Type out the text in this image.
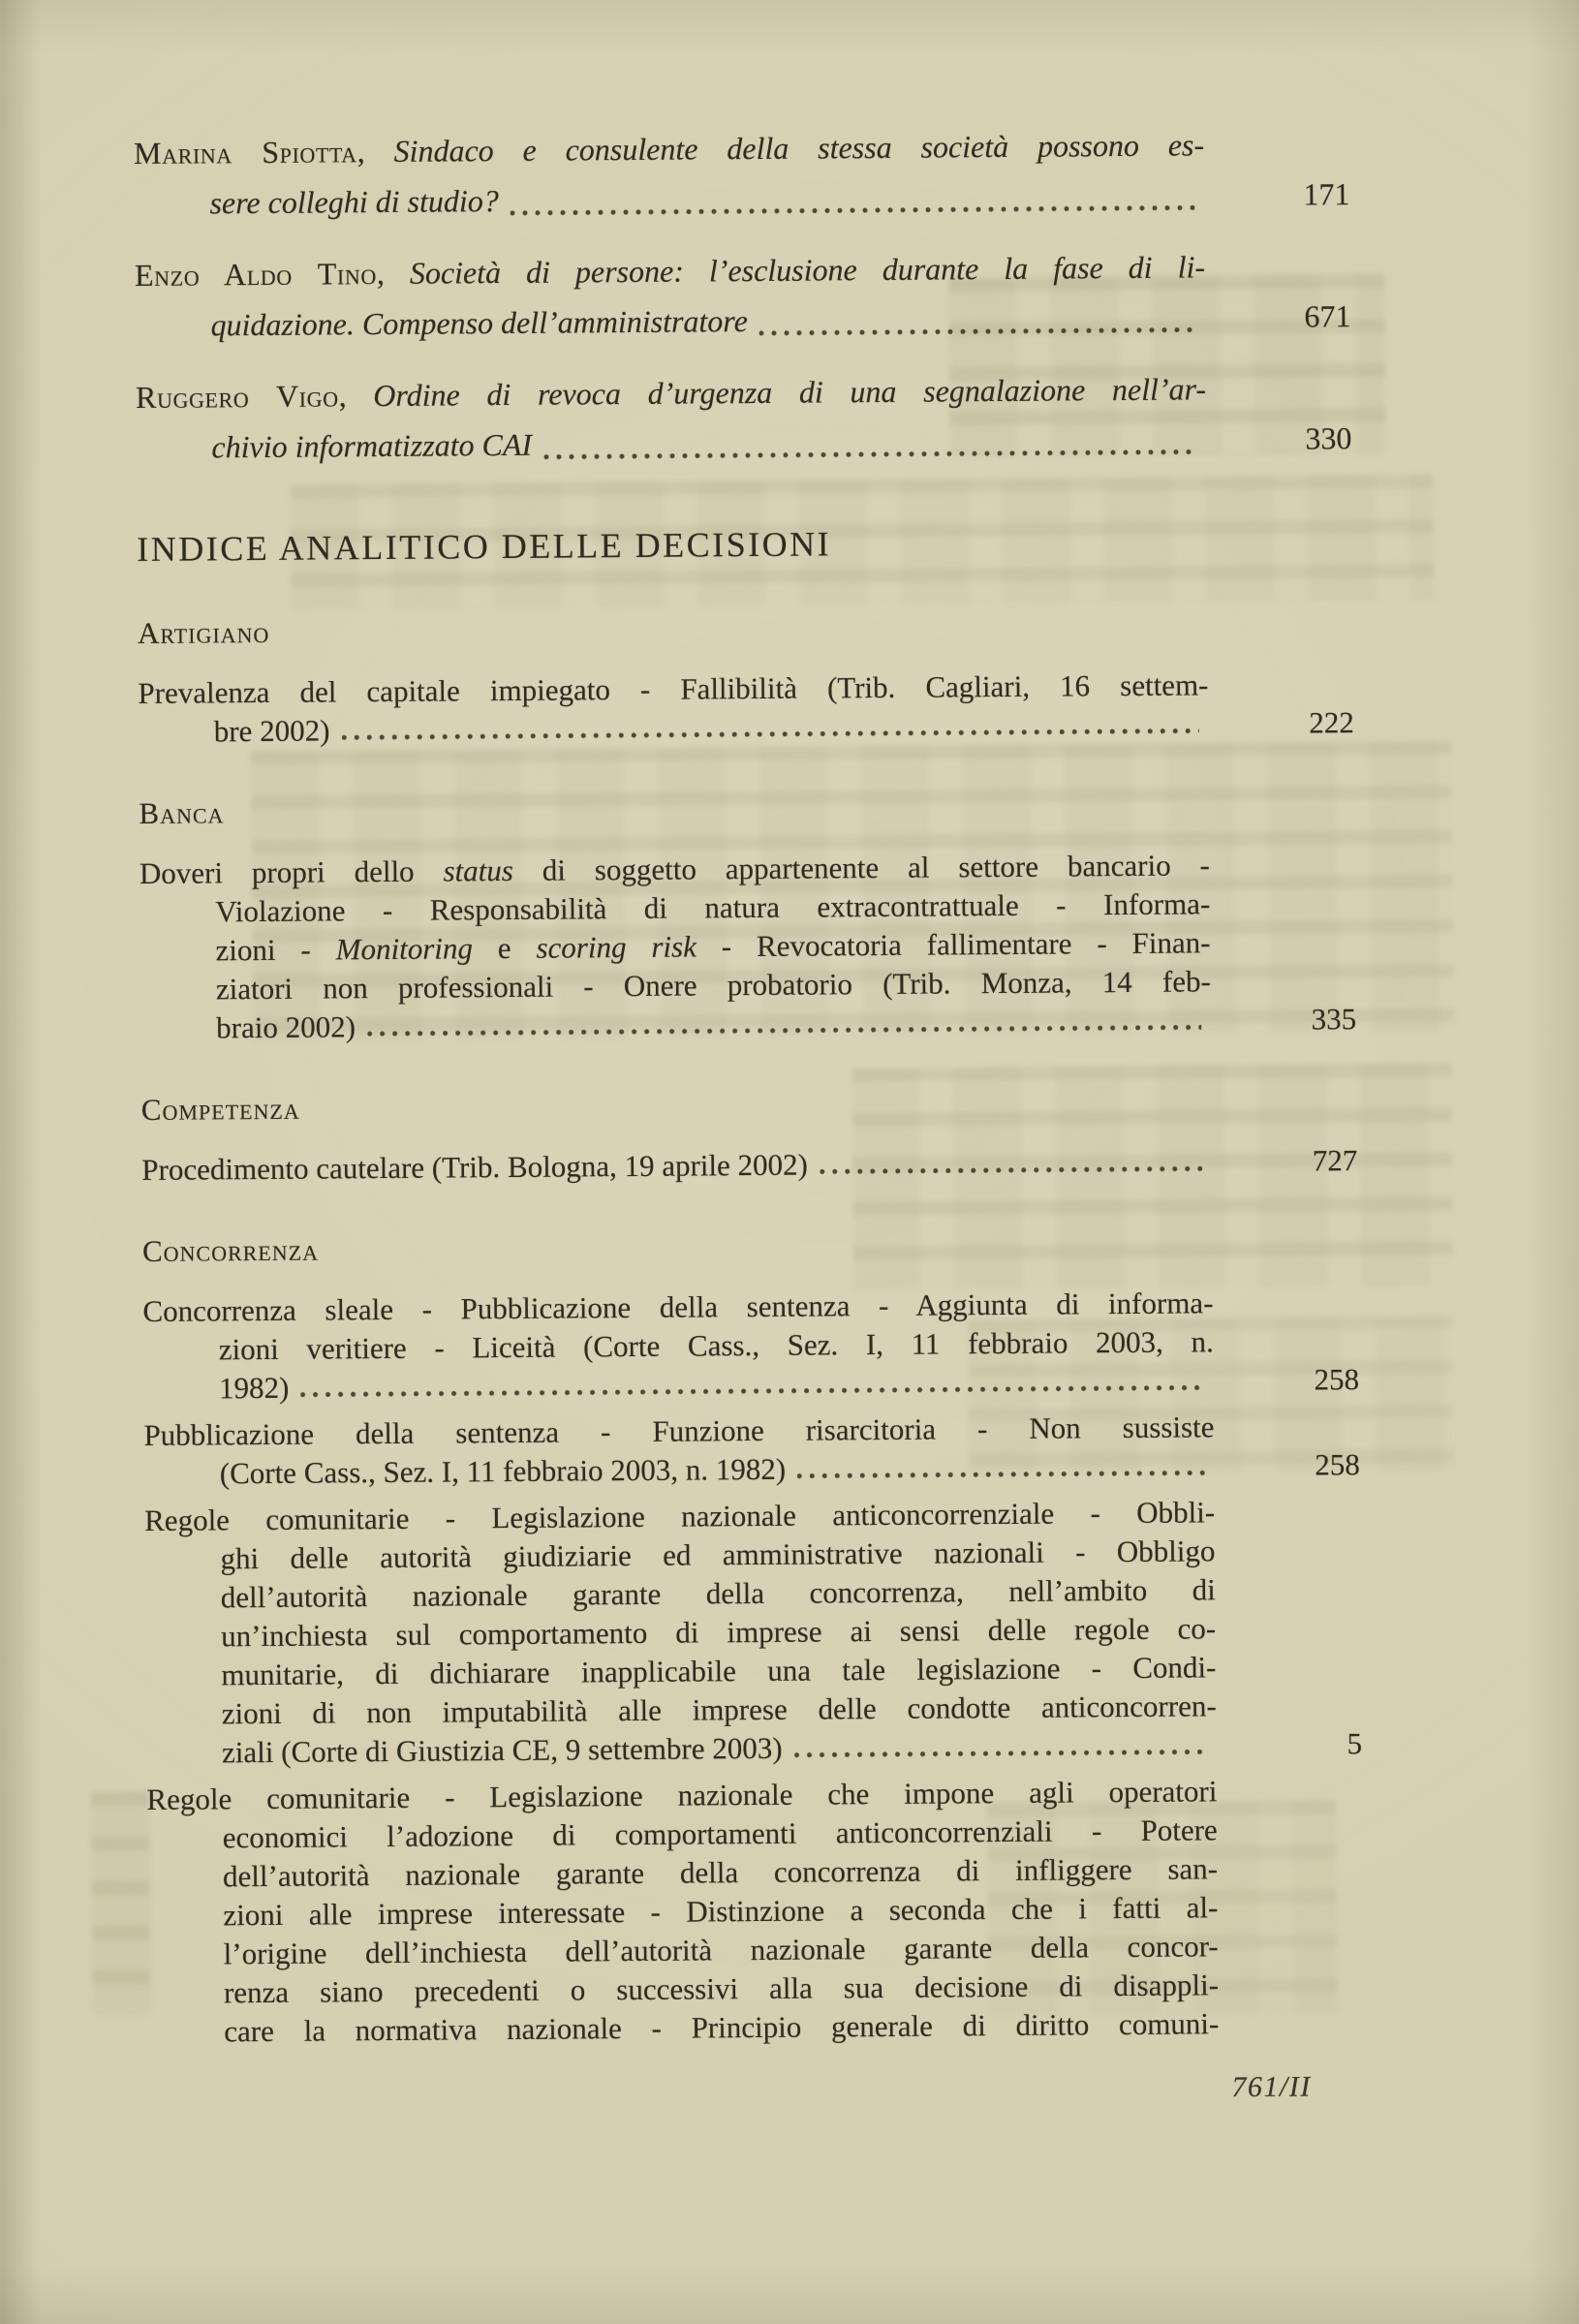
Marina Spiotta, Sindaco e consulente della stessa società possono es-
sere colleghi di studio?	171
Enzo Aldo Tino, Società di persone: l’esclusione durante la fase di li-
quidazione. Compenso dell’amministratore	671
Ruggero Vigo, Ordine di revoca d’urgenza di una segnalazione nell’ar-
chivio informatizzato CAI	330
INDICE ANALITICO DELLE DECISIONI
Artigiano
Prevalenza del capitale impiegato - Fallibilità (Trib. Cagliari, 16 settem-
bre 2002)	222
Banca
Doveri propri dello status di soggetto appartenente al settore bancario -
Violazione - Responsabilità di natura extracontrattuale - Informa-
zioni - Monitoring e scoring risk - Revocatoria fallimentare - Finan-
ziatori non professionali - Onere probatorio (Trib. Monza, 14 feb-
braio 2002)	335
Competenza
Procedimento cautelare (Trib. Bologna, 19 aprile 2002)	727
Concorrenza
Concorrenza sleale - Pubblicazione della sentenza - Aggiunta di informa-
zioni veritiere - Liceità (Corte Cass., Sez. I, 11 febbraio 2003, n.
1982)	258
Pubblicazione della sentenza - Funzione risarcitoria - Non sussiste
(Corte Cass., Sez. I, 11 febbraio 2003, n. 1982)	258
Regole comunitarie - Legislazione nazionale anticoncorrenziale - Obbli-
ghi delle autorità giudiziarie ed amministrative nazionali - Obbligo
dell’autorità nazionale garante della concorrenza, nell’ambito di
un’inchiesta sul comportamento di imprese ai sensi delle regole co-
munitarie, di dichiarare inapplicabile una tale legislazione - Condi-
zioni di non imputabilità alle imprese delle condotte anticoncorren-
ziali (Corte di Giustizia CE, 9 settembre 2003)	5
Regole comunitarie - Legislazione nazionale che impone agli operatori
economici l’adozione di comportamenti anticoncorrenziali - Potere
dell’autorità nazionale garante della concorrenza di infliggere san-
zioni alle imprese interessate - Distinzione a seconda che i fatti al-
l’origine dell’inchiesta dell’autorità nazionale garante della concor-
renza siano precedenti o successivi alla sua decisione di disappli-
care la normativa nazionale - Principio generale di diritto comuni-
761/II
